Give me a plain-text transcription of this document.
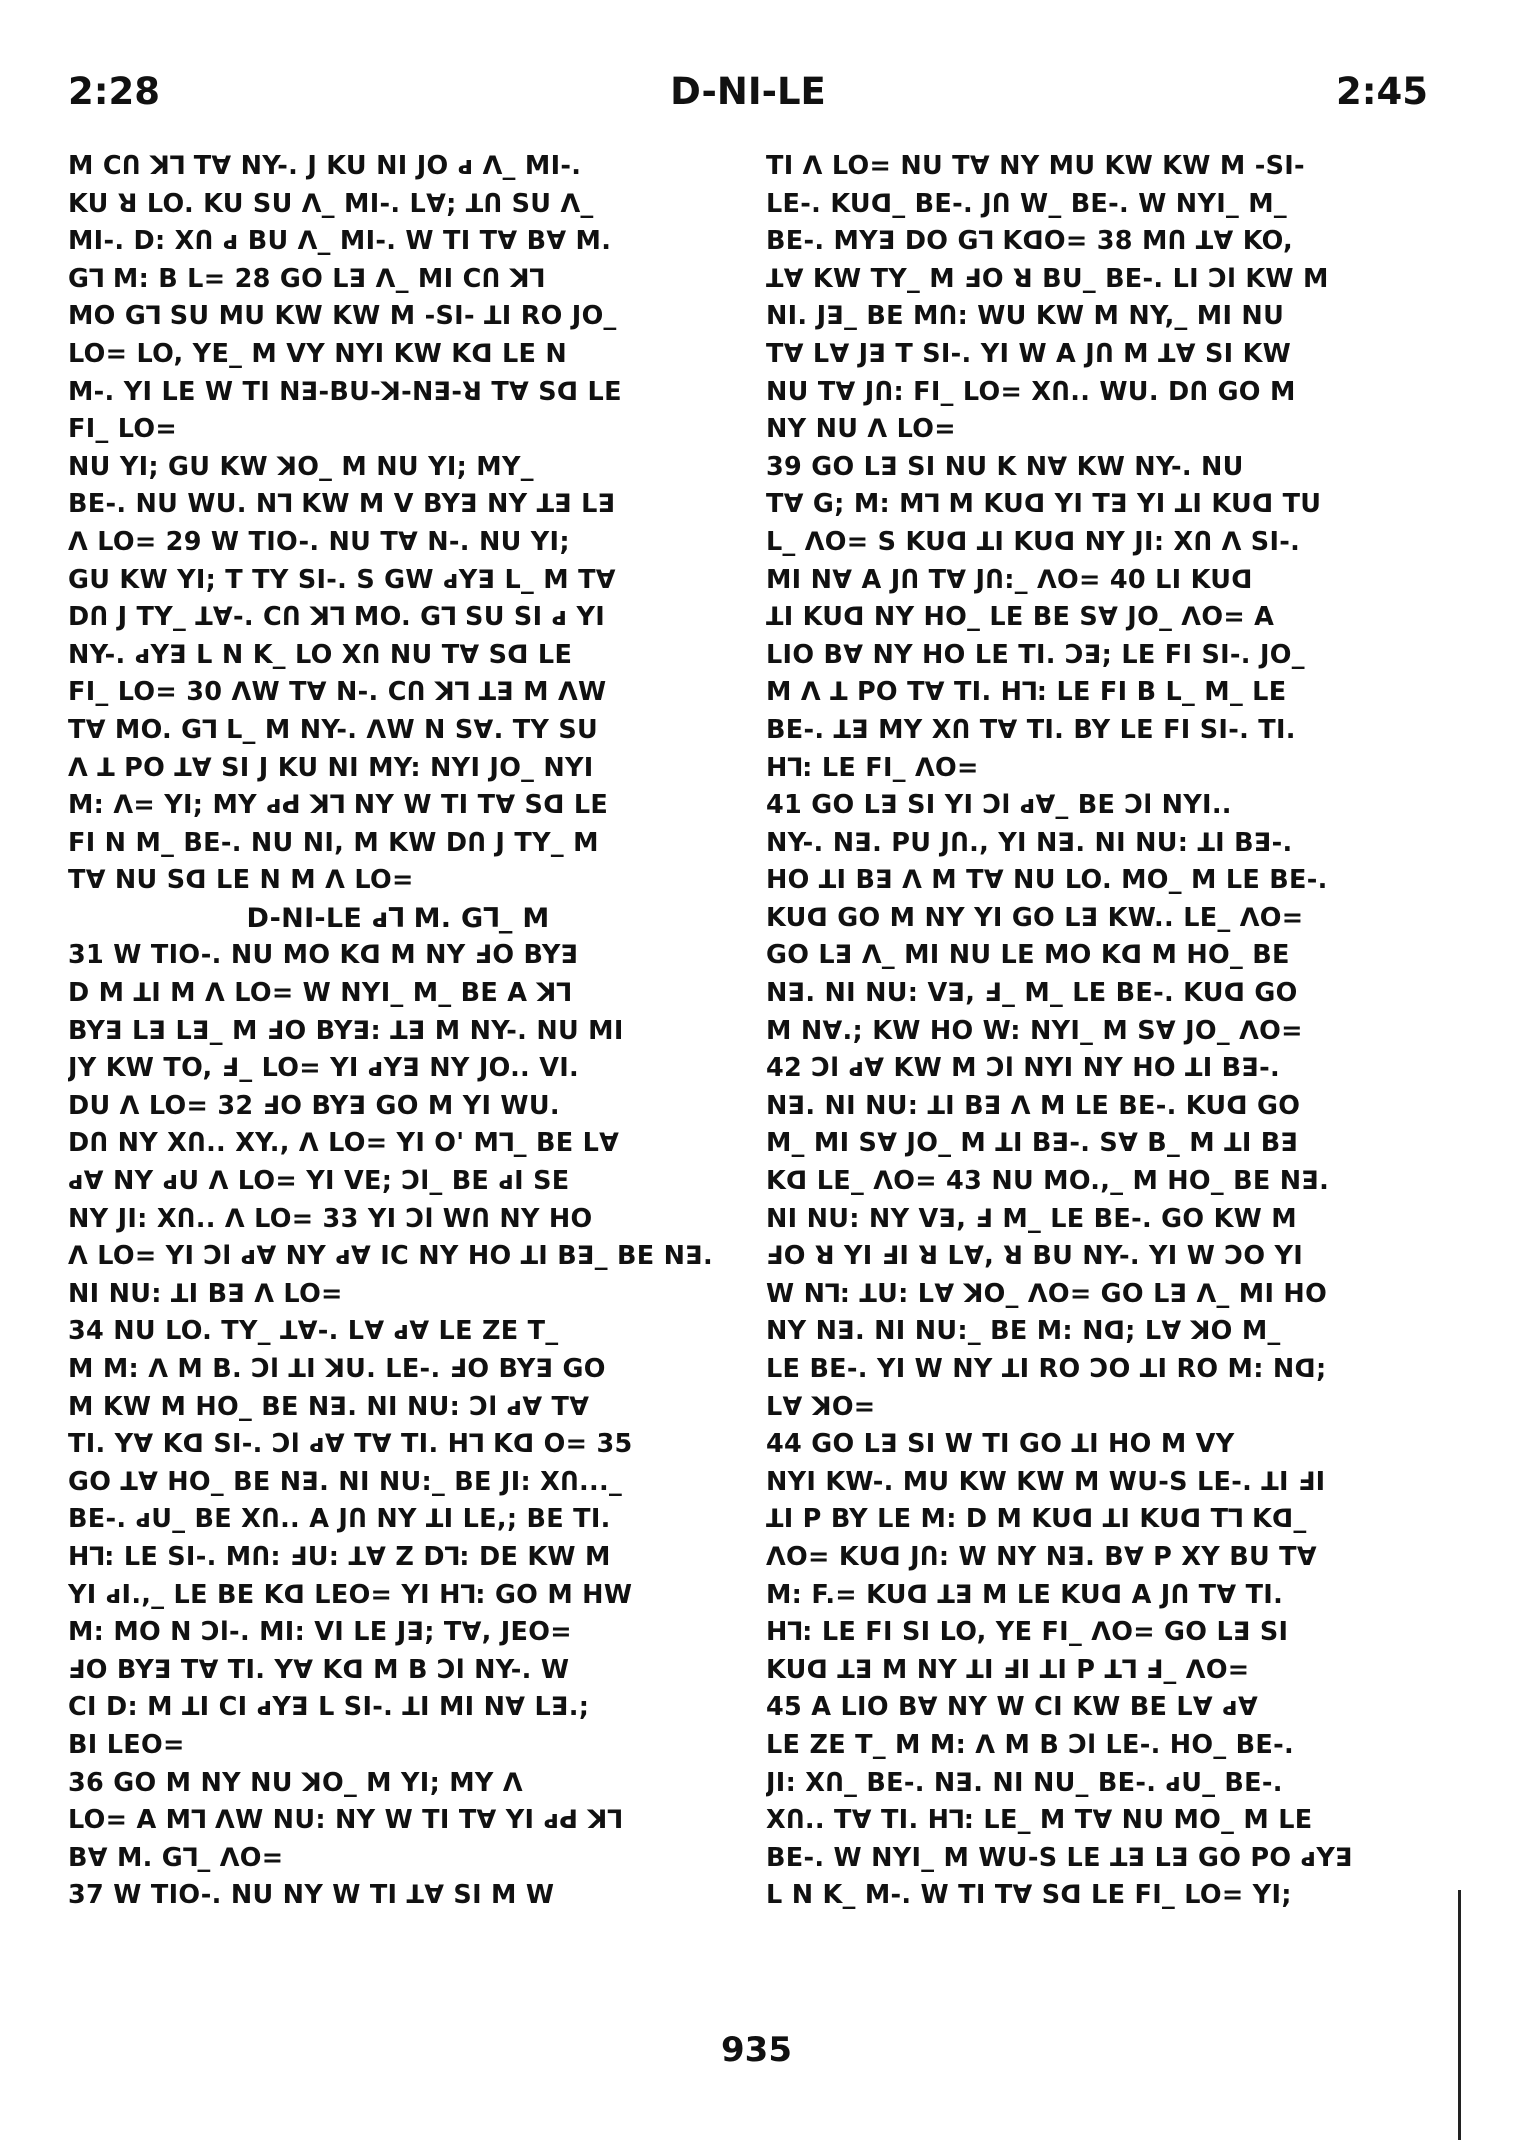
2:28	D-NI-LE	2:45
M CՈ ꓘꓶ Tꓯ NY-. J KU NI JO ԁ ꓥ_ MI-.
KU ꓤ LO. KU SU ꓥ_ MI-. Lꓯ; ꓕՈ SU ꓥ_
MI-. D: XՈ ԁ BU ꓥ_ MI-. W TI Tꓯ Bꓯ M.
Gꓶ M: B L= 28 GO Lꓱ ꓥ_ MI CՈ ꓘꓶ
MO Gꓶ SU MU KW KW M -SI- ꓕI RO JO_
LO= LO, YE_ M VY NYI KW Kꓷ LE N
M-. YI LE W TI Nꓱ-BU-ꓘ-Nꓱ-ꓤ Tꓯ Sꓷ LE
FI_ LO=
NU YI; GU KW ꓘO_ M NU YI; MY_
BE-. NU WU. Nꓶ KW M V BYꓱ NY ꓕꓱ Lꓱ
ꓥ LO= 29 W TIO-. NU Tꓯ N-. NU YI;
GU KW YI; T TY SI-. S GW ԁYꓱ L_ M Tꓯ
DՈ J TY_ ꓕꓯ-. CՈ ꓘꓶ MO. Gꓶ SU SI ԁ YI
NY-. ԁYꓱ L N K_ LO XՈ NU Tꓯ Sꓷ LE
FI_ LO= 30 ꓥW Tꓯ N-. CՈ ꓘꓶ ꓕꓱ M ꓥW
Tꓯ MO. Gꓶ L_ M NY-. ꓥW N Sꓯ. TY SU
ꓥ ꓕ PO ꓕꓯ SI J KU NI MY: NYI JO_ NYI
M: ꓥ= YI; MY ԁꓒ ꓘꓶ NY W TI Tꓯ Sꓷ LE
FI N M_ BE-. NU NI, M KW DՈ J TY_ M
Tꓯ NU Sꓷ LE N M ꓥ LO=
D-NI-LE ԁꓶ M. Gꓶ_ M
31 W TIO-. NU MO Kꓷ M NY ꓞO BYꓱ
D M ꓕI M ꓥ LO= W NYI_ M_ BE A ꓘꓶ
BYꓱ Lꓱ Lꓱ_ M ꓞO BYꓱ: ꓕꓱ M NY-. NU MI
JY KW TO, ꓞ_ LO= YI ԁYꓱ NY JO.. VI.
DU ꓥ LO= 32 ꓞO BYꓱ GO M YI WU.
DՈ NY XՈ.. XY., ꓥ LO= YI O' Mꓶ_ BE Lꓯ
ԁꓯ NY ԁU ꓥ LO= YI VE; Ɔl_ BE ԁI SE
NY JI: XՈ.. ꓥ LO= 33 YI Ɔl WՈ NY HO
ꓥ LO= YI Ɔl ԁꓯ NY ԁꓯ IC NY HO ꓕI Bꓱ_ BE Nꓱ.
NI NU: ꓕI Bꓱ ꓥ LO=
34 NU LO. TY_ ꓕꓯ-. Lꓯ ԁꓯ LE ZE T_
M M: ꓥ M B. Ɔl ꓕI ꓘU. LE-. ꓞO BYꓱ GO
M KW M HO_ BE Nꓱ. NI NU: Ɔl ԁꓯ Tꓯ
TI. Yꓯ Kꓷ SI-. Ɔl ԁꓯ Tꓯ TI. Hꓶ Kꓷ O= 35
GO ꓕꓯ HO_ BE Nꓱ. NI NU:_ BE JI: XՈ..._
BE-. ԁU_ BE XՈ.. A JՈ NY ꓕI LE,; BE TI.
Hꓶ: LE SI-. MՈ: ꓞU: ꓕꓯ Z Dꓶ: DE KW M
YI ԁI.,_ LE BE Kꓷ LEO= YI Hꓶ: GO M HW
M: MO N Ɔl-. MI: VI LE Jꓱ; Tꓯ, JEO=
ꓞO BYꓱ Tꓯ TI. Yꓯ Kꓷ M B Ɔl NY-. W
CI D: M ꓕI CI ԁYꓱ L SI-. ꓕI MI Nꓯ Lꓱ.;
BI LEO=
36 GO M NY NU ꓘO_ M YI; MY ꓥ
LO= A Mꓶ ꓥW NU: NY W TI Tꓯ YI ԁꓒ ꓘꓶ
Bꓯ M. Gꓶ_ ꓥO=
37 W TIO-. NU NY W TI ꓕꓯ SI M W
TI ꓥ LO= NU Tꓯ NY MU KW KW M -SI-
LE-. KUꓷ_ BE-. JՈ W_ BE-. W NYI_ M_
BE-. MYꓱ DO Gꓶ KꓷO= 38 MՈ ꓕꓯ KO,
ꓕꓯ KW TY_ M ꓞO ꓤ BU_ BE-. LI Ɔl KW M
NI. Jꓱ_ BE MՈ: WU KW M NY,_ MI NU
Tꓯ Lꓯ Jꓱ T SI-. YI W A JՈ M ꓕꓯ SI KW
NU Tꓯ JՈ: FI_ LO= XՈ.. WU. DՈ GO M
NY NU ꓥ LO=
39 GO Lꓱ SI NU K Nꓯ KW NY-. NU
Tꓯ G; M: Mꓶ M KUꓷ YI Tꓱ YI ꓕI KUꓷ TU
L_ ꓥO= S KUꓷ ꓕI KUꓷ NY JI: XՈ ꓥ SI-.
MI Nꓯ A JՈ Tꓯ JՈ:_ ꓥO= 40 LI KUꓷ
ꓕI KUꓷ NY HO_ LE BE Sꓯ JO_ ꓥO= A
LIO Bꓯ NY HO LE TI. Ɔꓱ; LE FI SI-. JO_
M ꓥ ꓕ PO Tꓯ TI. Hꓶ: LE FI B L_ M_ LE
BE-. ꓕꓱ MY XՈ Tꓯ TI. BY LE FI SI-. TI.
Hꓶ: LE FI_ ꓥO=
41 GO Lꓱ SI YI Ɔl ԁꓯ_ BE Ɔl NYI..
NY-. Nꓱ. PU JՈ., YI Nꓱ. NI NU: ꓕI Bꓱ-.
HO ꓕI Bꓱ ꓥ M Tꓯ NU LO. MO_ M LE BE-.
KUꓷ GO M NY YI GO Lꓱ KW.. LE_ ꓥO=
GO Lꓱ ꓥ_ MI NU LE MO Kꓷ M HO_ BE
Nꓱ. NI NU: Vꓱ, ꓞ_ M_ LE BE-. KUꓷ GO
M Nꓯ.; KW HO W: NYI_ M Sꓯ JO_ ꓥO=
42 Ɔl ԁꓯ KW M Ɔl NYI NY HO ꓕI Bꓱ-.
Nꓱ. NI NU: ꓕI Bꓱ ꓥ M LE BE-. KUꓷ GO
M_ MI Sꓯ JO_ M ꓕI Bꓱ-. Sꓯ B_ M ꓕI Bꓱ
Kꓷ LE_ ꓥO= 43 NU MO.,_ M HO_ BE Nꓱ.
NI NU: NY Vꓱ, ꓞ M_ LE BE-. GO KW M
ꓞO ꓤ YI ꓞI ꓤ Lꓯ, ꓤ BU NY-. YI W ƆO YI
W Nꓶ: ꓕU: Lꓯ ꓘO_ ꓥO= GO Lꓱ ꓥ_ MI HO
NY Nꓱ. NI NU:_ BE M: Nꓷ; Lꓯ ꓘO M_
LE BE-. YI W NY ꓕI RO ƆO ꓕI RO M: Nꓷ;
Lꓯ ꓘO=
44 GO Lꓱ SI W TI GO ꓕI HO M VY
NYI KW-. MU KW KW M WU-S LE-. ꓕI ꓞI
ꓕI P BY LE M: D M KUꓷ ꓕI KUꓷ Tꓶ Kꓷ_
ꓥO= KUꓷ JՈ: W NY Nꓱ. Bꓯ P XY BU Tꓯ
M: F.= KUꓷ ꓕꓱ M LE KUꓷ A JՈ Tꓯ TI.
Hꓶ: LE FI SI LO, YE FI_ ꓥO= GO Lꓱ SI
KUꓷ ꓕꓱ M NY ꓕI ꓞI ꓕI P ꓕꓶ ꓞ_ ꓥO=
45 A LIO Bꓯ NY W CI KW BE Lꓯ ԁꓯ
LE ZE T_ M M: ꓥ M B Ɔl LE-. HO_ BE-.
JI: XՈ_ BE-. Nꓱ. NI NU_ BE-. ԁU_ BE-.
XՈ.. Tꓯ TI. Hꓶ: LE_ M Tꓯ NU MO_ M LE
BE-. W NYI_ M WU-S LE ꓕꓱ Lꓱ GO PO ԁYꓱ
L N K_ M-. W TI Tꓯ Sꓷ LE FI_ LO= YI;
935
